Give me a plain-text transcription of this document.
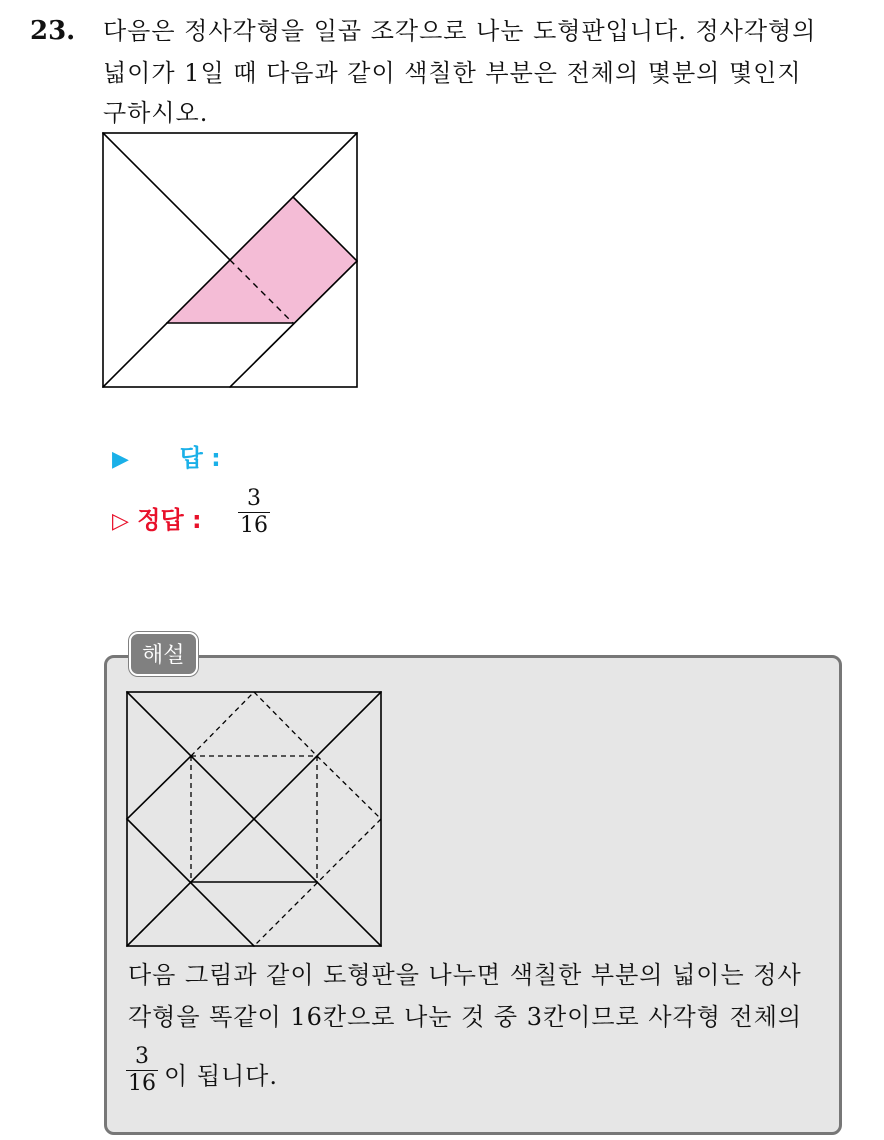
23. 다음은 정사각형을 일곱 조각으로 나눈 도형판입니다. 정사각형의
넓이가 1일 때 다음과 같이 색칠한 부분은 전체의 몇분의 몇인지
구하시오.
▶ 답 :
▷ 정답 : $\frac{3}{16}$
해설
다음 그림과 같이 도형판을 나누면 색칠한 부분의 넓이는 정사
각형을 똑같이 16칸으로 나눈 것 중 3칸이므로 사각형 전체의
$\frac{3}{16}$ 이 됩니다.
